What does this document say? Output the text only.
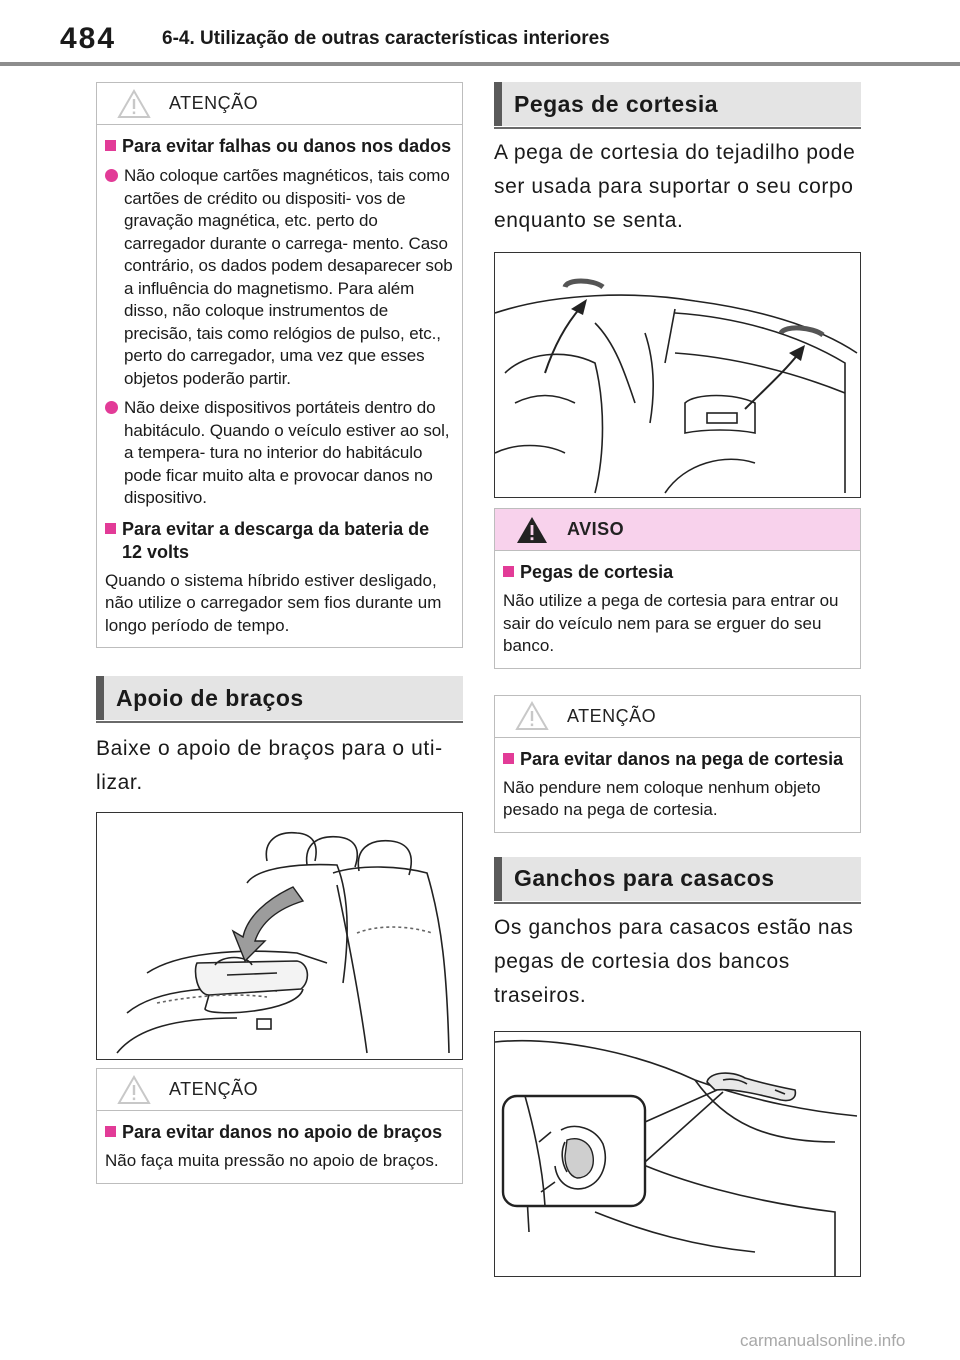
484 6-4. Utilização de outras características interiores
ATENÇÃO
Para evitar falhas ou danos nos dados
Não coloque cartões magnéticos, tais como cartões de crédito ou dispositi- vos de gravação magnética, etc. perto do carregador durante o carrega- mento. Caso contrário, os dados podem desaparecer sob a influência do magnetismo. Para além disso, não coloque instrumentos de precisão, tais como relógios de pulso, etc., perto do carregador, uma vez que esses objetos poderão partir.
Não deixe dispositivos portáteis dentro do habitáculo. Quando o veículo estiver ao sol, a tempera- tura no interior do habitáculo pode ficar muito alta e provocar danos no dispositivo.
Para evitar a descarga da bateria de 12 volts
Quando o sistema híbrido estiver desligado, não utilize o carregador sem fios durante um longo período de tempo.
Apoio de braços
Baixe o apoio de braços para o uti- lizar.
ATENÇÃO
Para evitar danos no apoio de braços
Não faça muita pressão no apoio de braços.
Pegas de cortesia
A pega de cortesia do tejadilho pode ser usada para suportar o seu corpo enquanto se senta.
AVISO
Pegas de cortesia
Não utilize a pega de cortesia para entrar ou sair do veículo nem para se erguer do seu banco.
ATENÇÃO
Para evitar danos na pega de cortesia
Não pendure nem coloque nenhum objeto pesado na pega de cortesia.
Ganchos para casacos
Os ganchos para casacos estão nas pegas de cortesia dos bancos traseiros.
carmanualsonline.info
